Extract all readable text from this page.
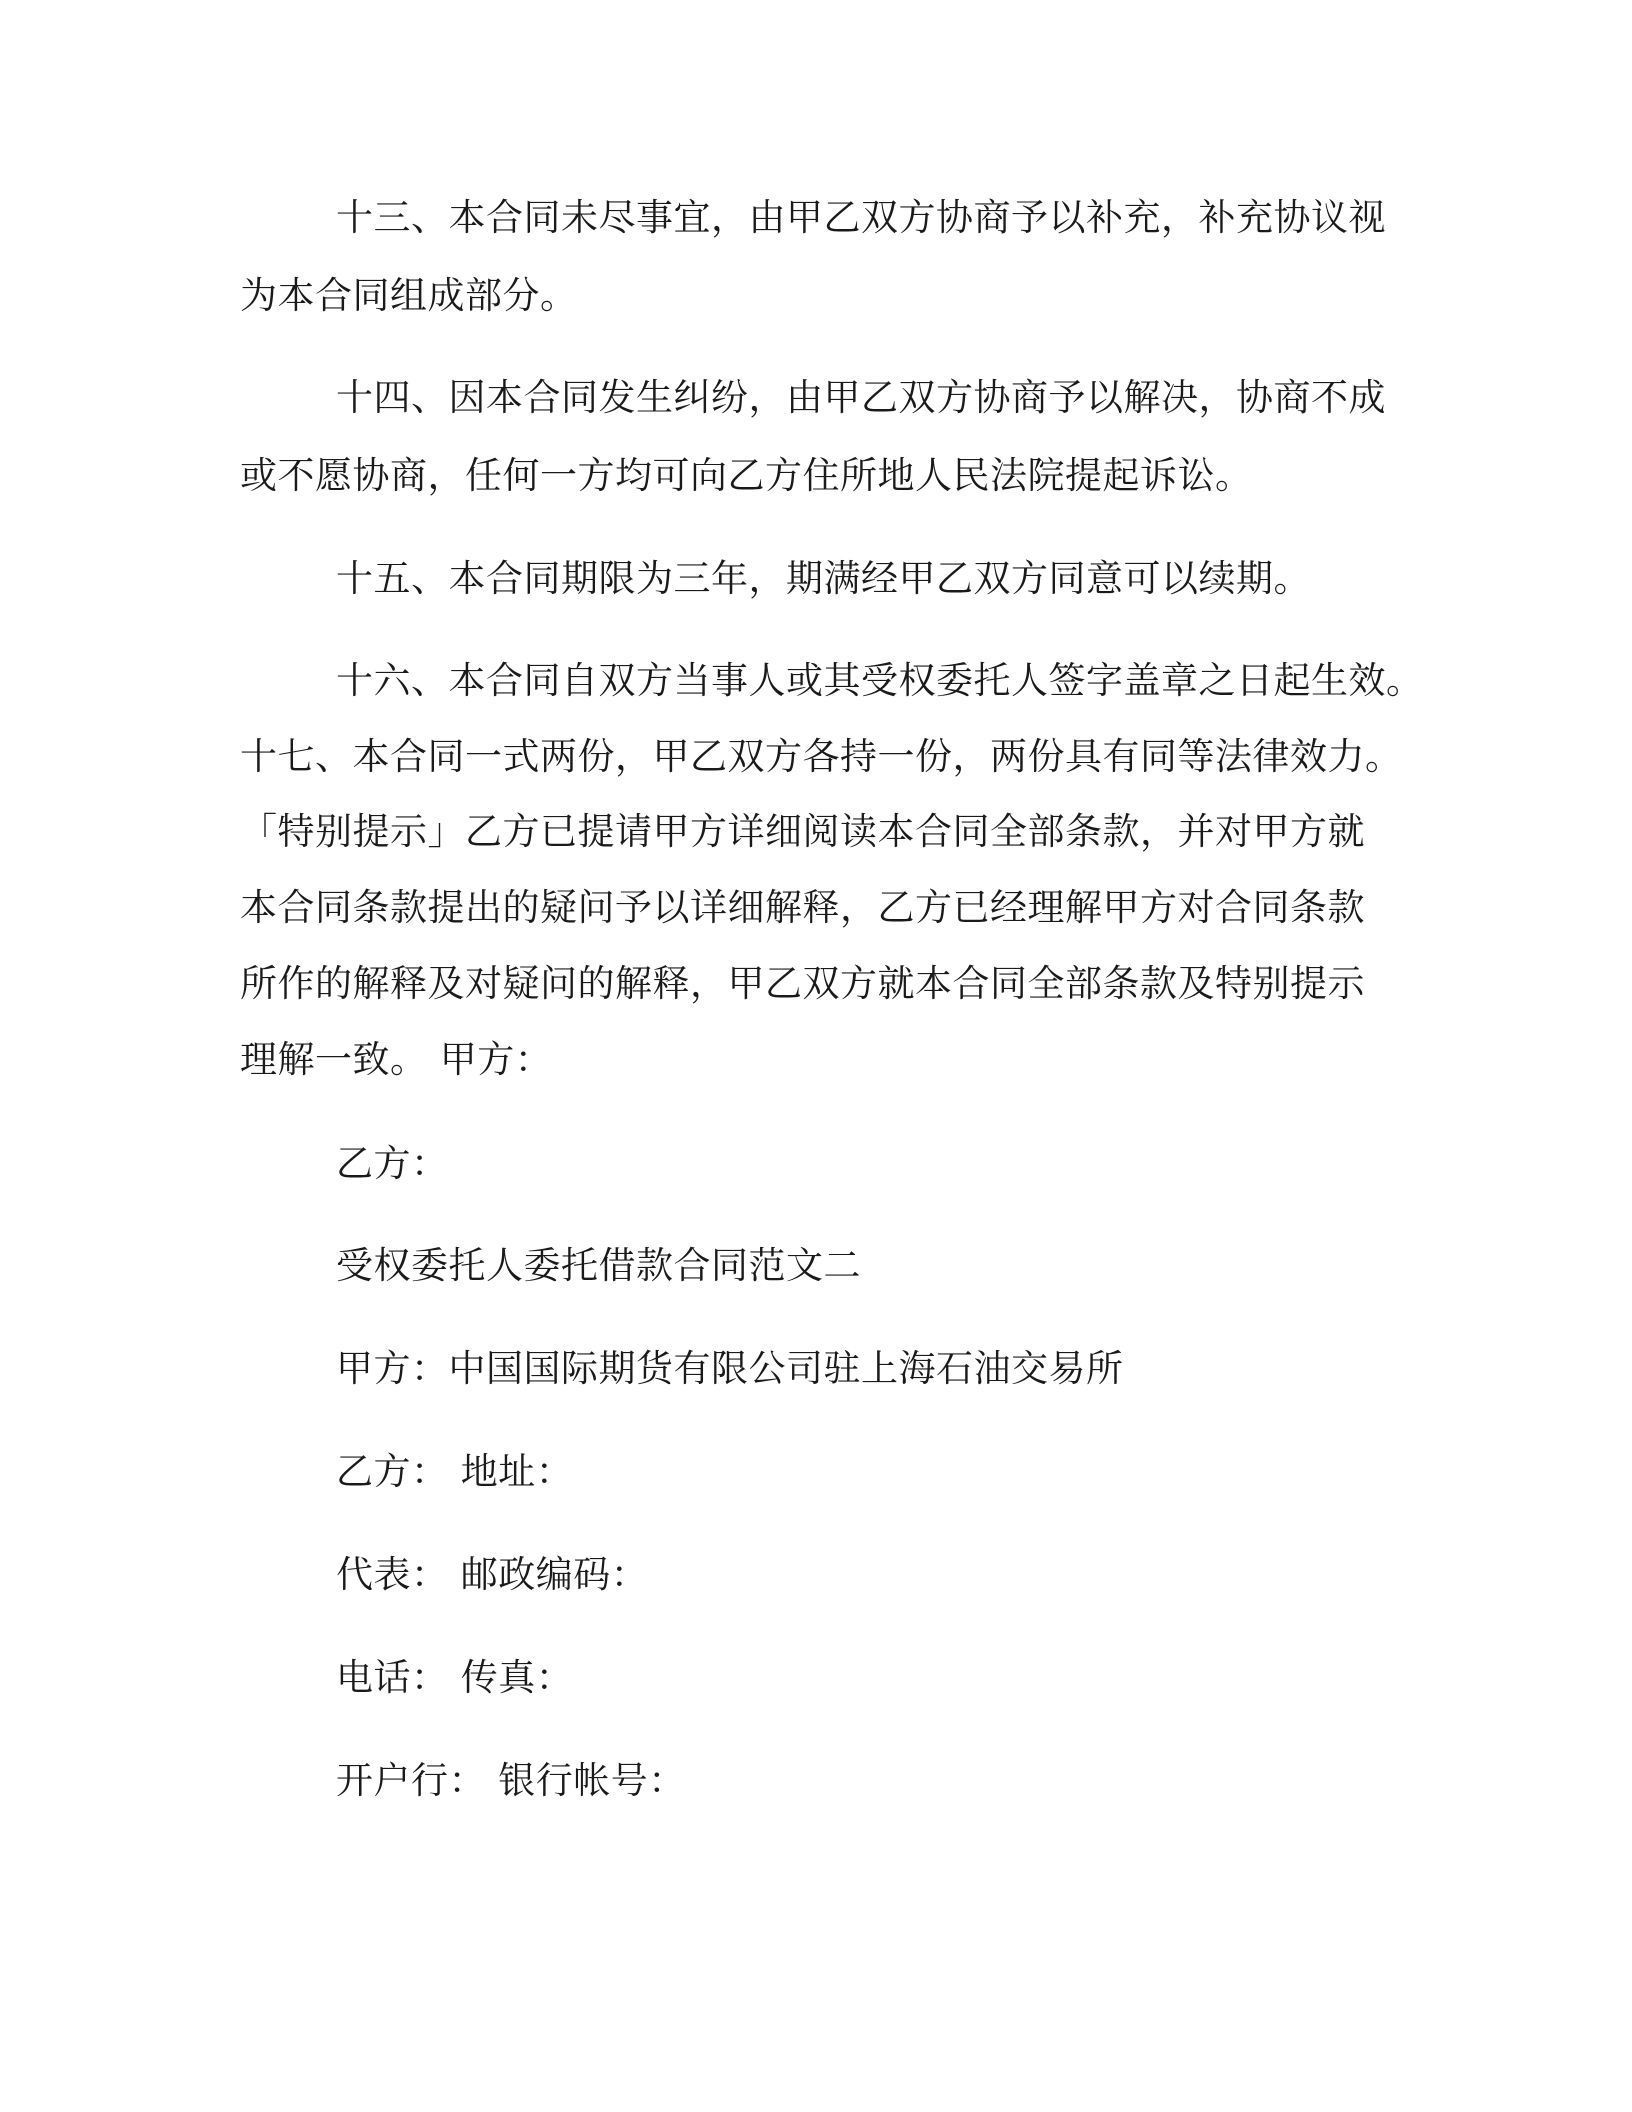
十三、本合同未尽事宜，由甲乙双方协商予以补充，补充协议视
为本合同组成部分。
十四、因本合同发生纠纷，由甲乙双方协商予以解决，协商不成
或不愿协商，任何一方均可向乙方住所地人民法院提起诉讼。
十五、本合同期限为三年，期满经甲乙双方同意可以续期。
十六、本合同自双方当事人或其受权委托人签字盖章之日起生效。
十七、本合同一式两份，甲乙双方各持一份，两份具有同等法律效力。
「特别提示」乙方已提请甲方详细阅读本合同全部条款，并对甲方就
本合同条款提出的疑问予以详细解释，乙方已经理解甲方对合同条款
所作的解释及对疑问的解释，甲乙双方就本合同全部条款及特别提示
理解一致。 甲方：
乙方：
受权委托人委托借款合同范文二
甲方：中国国际期货有限公司驻上海石油交易所
乙方： 地址：
代表： 邮政编码：
电话： 传真：
开户行： 银行帐号：
